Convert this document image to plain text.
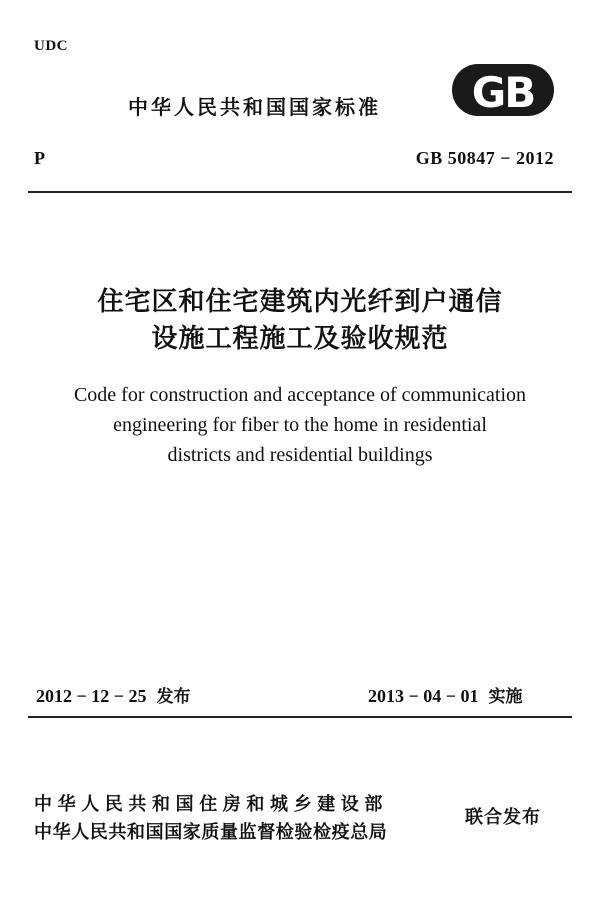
UDC
中华人民共和国国家标准 GB
P	GB 50847 − 2012
住宅区和住宅建筑内光纤到户通信
设施工程施工及验收规范
Code for construction and acceptance of communication
engineering for fiber to the home in residential
districts and residential buildings
2012 − 12 − 25 发布	2013 − 04 − 01 实施
中华人民共和国住房和城乡建设部
中华人民共和国国家质量监督检验检疫总局
联合发布
